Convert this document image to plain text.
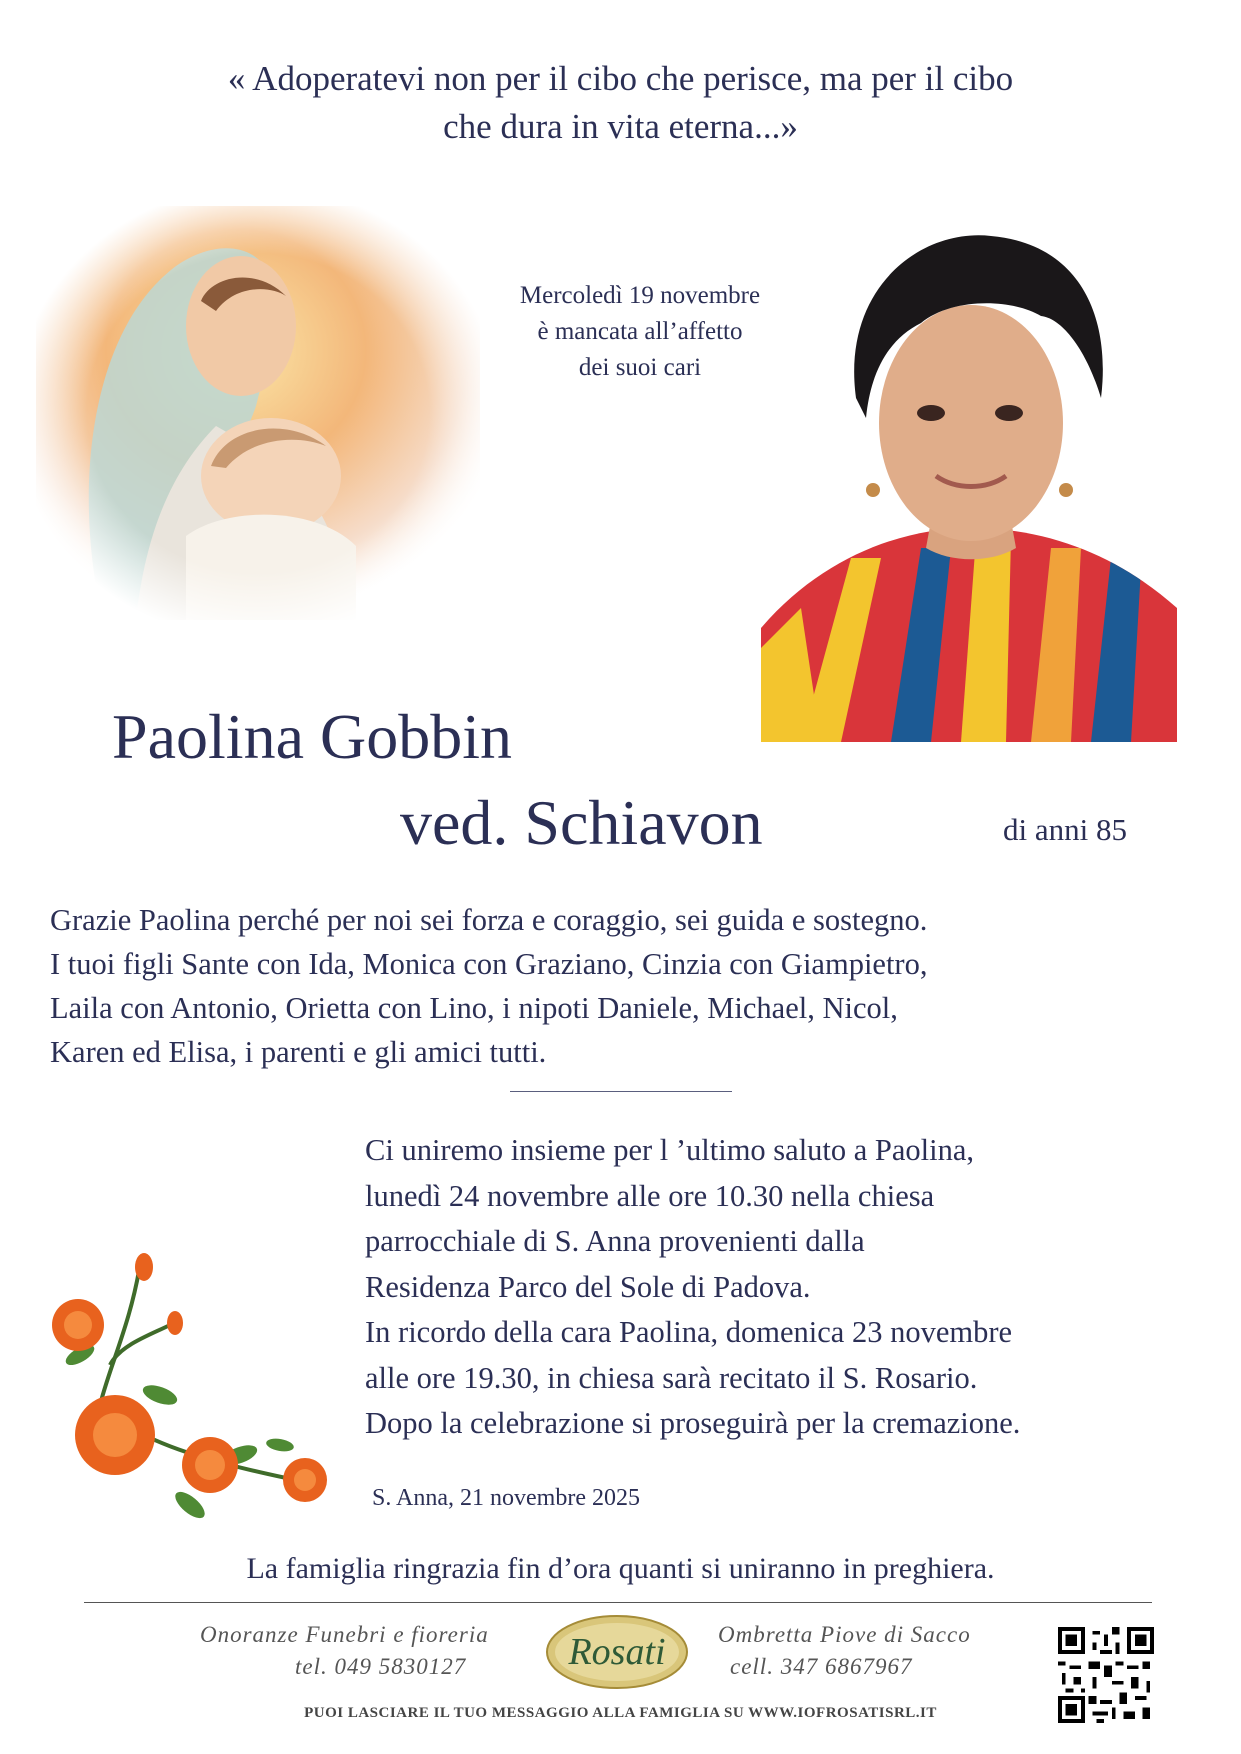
« Adoperatevi non per il cibo che perisce, ma per il cibo
che dura in vita eterna...»
Mercoledì 19 novembre
è mancata all’affetto
dei suoi cari
Paolina Gobbin
ved. Schiavon	di anni 85
Grazie Paolina perché per noi sei forza e coraggio, sei guida e sostegno.
I tuoi figli Sante con Ida, Monica con Graziano, Cinzia con Giampietro,
Laila con Antonio, Orietta con Lino, i nipoti Daniele, Michael, Nicol,
Karen ed Elisa, i parenti e gli amici tutti.
Ci uniremo insieme per l ’ultimo saluto a Paolina,
lunedì 24 novembre alle ore 10.30 nella chiesa
parrocchiale di S. Anna provenienti dalla
Residenza Parco del Sole di Padova.
In ricordo della cara Paolina, domenica 23 novembre
alle ore 19.30, in chiesa sarà recitato il S. Rosario.
Dopo la celebrazione si proseguirà per la cremazione.
S. Anna, 21 novembre 2025
La famiglia ringrazia fin d’ora quanti si uniranno in preghiera.
Onoranze Funebri e fioreria
tel. 049 5830127	Rosati Ombretta Piove di Sacco
cell. 347 6867967
PUOI LASCIARE IL TUO MESSAGGIO ALLA FAMIGLIA SU WWW.IOFROSATISRL.IT
